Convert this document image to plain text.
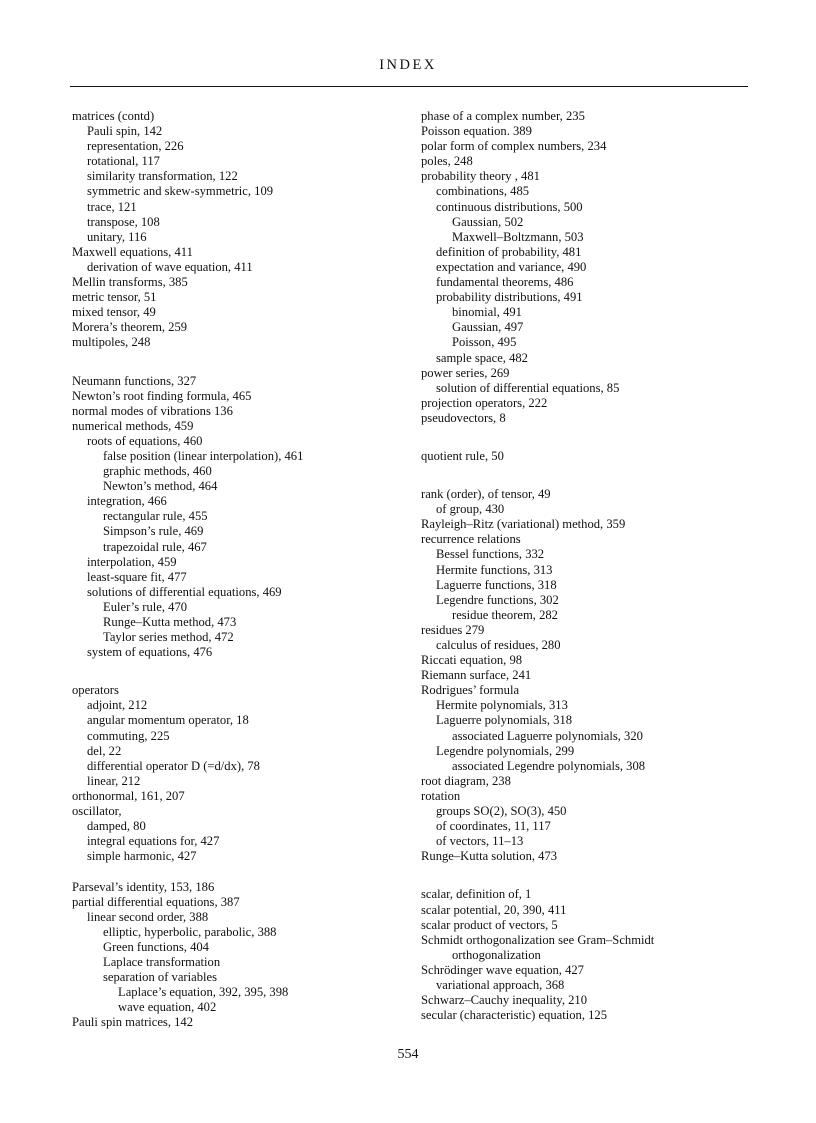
INDEX
matrices (contd)
Pauli spin, 142
representation, 226
rotational, 117
similarity transformation, 122
symmetric and skew-symmetric, 109
trace, 121
transpose, 108
unitary, 116
Maxwell equations, 411
derivation of wave equation, 411
Mellin transforms, 385
metric tensor, 51
mixed tensor, 49
Morera’s theorem, 259
multipoles, 248
Neumann functions, 327
Newton’s root finding formula, 465
normal modes of vibrations 136
numerical methods, 459
roots of equations, 460
false position (linear interpolation), 461
graphic methods, 460
Newton’s method, 464
integration, 466
rectangular rule, 455
Simpson’s rule, 469
trapezoidal rule, 467
interpolation, 459
least-square fit, 477
solutions of differential equations, 469
Euler’s rule, 470
Runge–Kutta method, 473
Taylor series method, 472
system of equations, 476
operators
adjoint, 212
angular momentum operator, 18
commuting, 225
del, 22
differential operator D (=d/dx), 78
linear, 212
orthonormal, 161, 207
oscillator,
damped, 80
integral equations for, 427
simple harmonic, 427
Parseval’s identity, 153, 186
partial differential equations, 387
linear second order, 388
elliptic, hyperbolic, parabolic, 388
Green functions, 404
Laplace transformation
separation of variables
Laplace’s equation, 392, 395, 398
wave equation, 402
Pauli spin matrices, 142
phase of a complex number, 235
Poisson equation. 389
polar form of complex numbers, 234
poles, 248
probability theory , 481
combinations, 485
continuous distributions, 500
Gaussian, 502
Maxwell–Boltzmann, 503
definition of probability, 481
expectation and variance, 490
fundamental theorems, 486
probability distributions, 491
binomial, 491
Gaussian, 497
Poisson, 495
sample space, 482
power series, 269
solution of differential equations, 85
projection operators, 222
pseudovectors, 8
quotient rule, 50
rank (order), of tensor, 49
of group, 430
Rayleigh–Ritz (variational) method, 359
recurrence relations
Bessel functions, 332
Hermite functions, 313
Laguerre functions, 318
Legendre functions, 302
residue theorem, 282
residues 279
calculus of residues, 280
Riccati equation, 98
Riemann surface, 241
Rodrigues’ formula
Hermite polynomials, 313
Laguerre polynomials, 318
associated Laguerre polynomials, 320
Legendre polynomials, 299
associated Legendre polynomials, 308
root diagram, 238
rotation
groups SO(2), SO(3), 450
of coordinates, 11, 117
of vectors, 11–13
Runge–Kutta solution, 473
scalar, definition of, 1
scalar potential, 20, 390, 411
scalar product of vectors, 5
Schmidt orthogonalization see Gram–Schmidt
orthogonalization
Schrödinger wave equation, 427
variational approach, 368
Schwarz–Cauchy inequality, 210
secular (characteristic) equation, 125
554
